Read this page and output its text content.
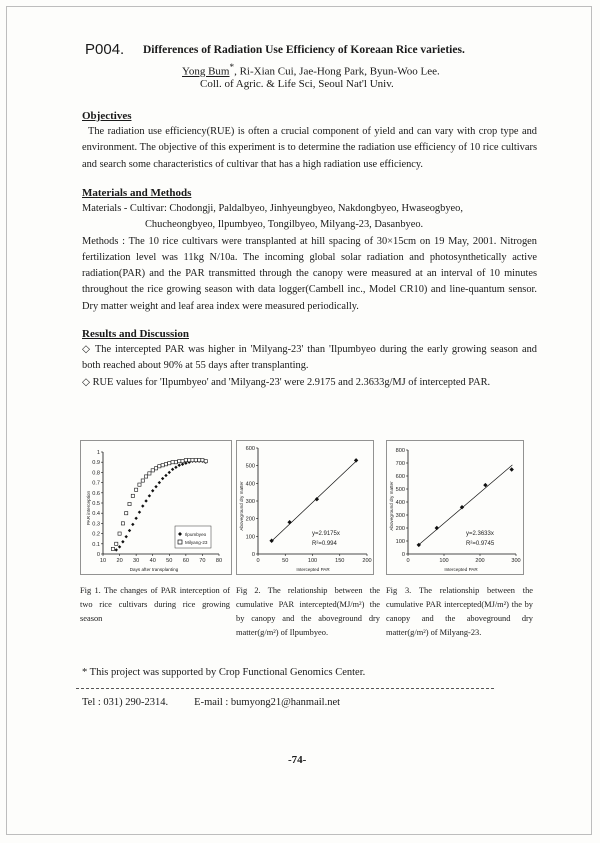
P004. Differences of Radiation Use Efficiency of Koreaan Rice varieties.
Yong Bum*, Ri-Xian Cui, Jae-Hong Park, Byun-Woo Lee.
Coll. of Agric. & Life Sci, Seoul Nat'l Univ.
Objectives
The radiation use efficiency(RUE) is often a crucial component of yield and can vary with crop type and environment. The objective of this experiment is to determine the radiation use efficiency of 10 rice cultivars and search some characteristics of cultivar that has a high radiation use efficiency.
Materials and Methods

Materials - Cultivar: Chodongji, Paldalbyeo, Jinhyeungbyeo, Nakdongbyeo, Hwaseogbyeo,

Chucheongbyeo, Ilpumbyeo, Tongilbyeo, Milyang-23, Dasanbyeo.

Methods : The 10 rice cultivars were transplanted at hill spacing of 30×15cm on 19 May, 2001. Nitrogen fertilization level was 11kg N/10a. The incoming global solar radiation and photosynthetically active radiation(PAR) and the PAR transmitted through the canopy were measured at an interval of 10 minutes throughout the rice growing season with data logger(Cambell inc., Model CR10) and line-quantum sensor. Dry matter weight and leaf area index were measured periodically.

Results and Discussion

◇ The intercepted PAR was higher in 'Milyang-23' than 'Ilpumbyeo during the early growing season and both reached about 90% at 55 days after transplanting.

◇ RUE values for 'Ilpumbyeo' and 'Milyang-23' were 2.9175 and 2.3633g/MJ of intercepted PAR.

0
0.1
0.2
0.3
0.4
0.5
0.6
0.7
0.8
0.9
1
10 20 30 40 50 60 70 80
Ilpumbyeo
Milyang-23
Days after transplanting
PAR interception
0
100
200
300
400
500
600
0	50	100	150	200
y=2.9175x
R²=0.994
Intercepted PAR
Aboveground dry matter
0
100
200
300
400
500
600
700
800
0	100	200	300
y=2.3633x
R²=0.9745
Intercepted PAR
Aboveground dry matter
Fig 1. The changes of PAR interception of two rice cultivars during rice growing season
Fig 2. The relationship between the cumulative PAR intercepted(MJ/m²) the by canopy and the aboveground dry matter(g/m²) of Ilpumbyeo.
Fig 3. The relationship between the cumulative PAR intercepted(MJ/m²) the by canopy and the aboveground dry matter(g/m²) of Milyang-23.
* This project was supported by Crop Functional Genomics Center.
Tel : 031) 290-2314. E-mail : bumyong21@hanmail.net
-74-
